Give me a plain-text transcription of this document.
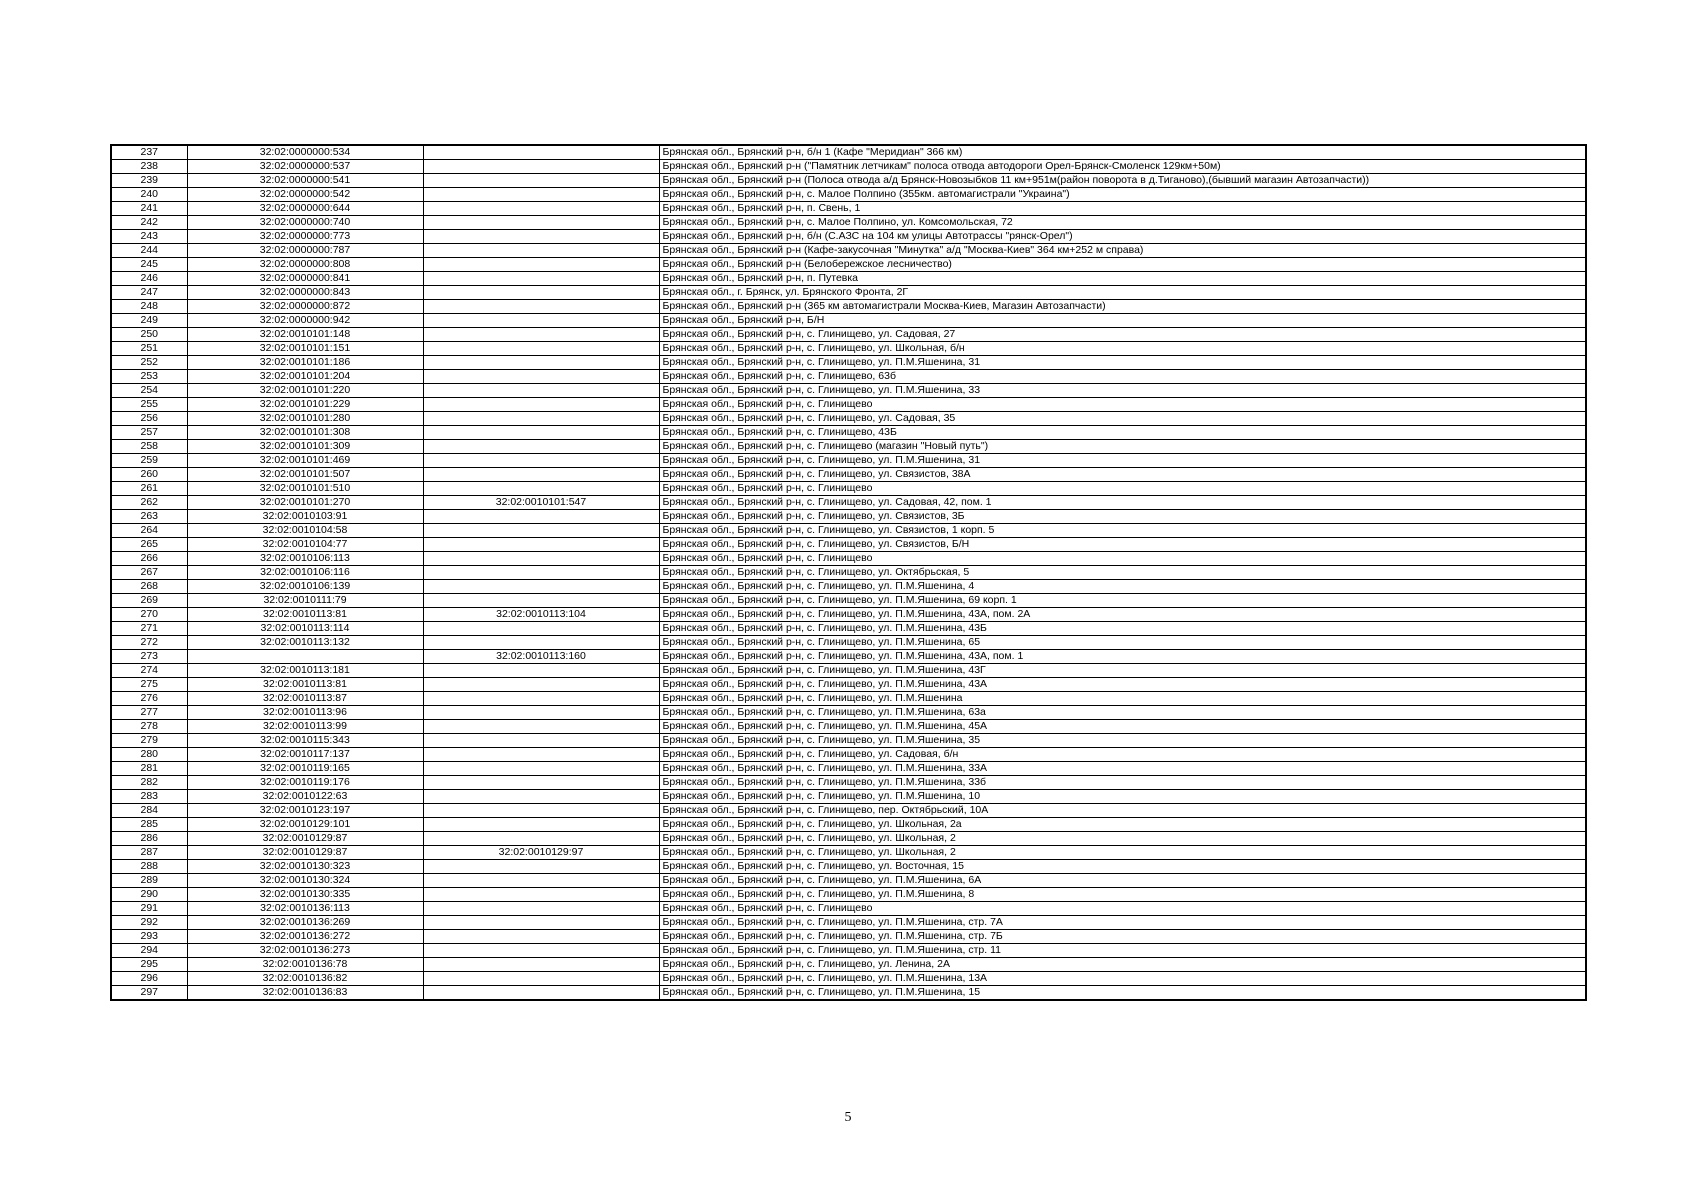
237	32:02:0000000:534		Брянская обл., Брянский р-н, б/н 1 (Кафе "Меридиан" 366 км)
238	32:02:0000000:537		Брянская обл., Брянский р-н ("Памятник летчикам" полоса отвода автодороги Орел-Брянск-Смоленск 129км+50м)
239	32:02:0000000:541		Брянская обл., Брянский р-н (Полоса отвода а/д Брянск-Новозыбков 11 км+951м(район поворота в д.Тиганово),(бывший магазин Автозапчасти))
240	32:02:0000000:542		Брянская обл., Брянский р-н, с. Малое Полпино (355км. автомагистрали "Украина")
241	32:02:0000000:644		Брянская обл., Брянский р-н, п. Свень, 1
242	32:02:0000000:740		Брянская обл., Брянский р-н, с. Малое Полпино, ул. Комсомольская, 72
243	32:02:0000000:773		Брянская обл., Брянский р-н, б/н (С.АЗС на 104 км улицы Автотрассы "рянск-Орел")
244	32:02:0000000:787		Брянская обл., Брянский р-н (Кафе-закусочная "Минутка" а/д "Москва-Киев" 364 км+252 м справа)
245	32:02:0000000:808		Брянская обл., Брянский р-н (Белобережское лесничество)
246	32:02:0000000:841		Брянская обл., Брянский р-н, п. Путевка
247	32:02:0000000:843		Брянская обл., г. Брянск, ул. Брянского Фронта, 2Г
248	32:02:0000000:872		Брянская обл., Брянский р-н (365 км автомагистрали Москва-Киев, Магазин Автозапчасти)
249	32:02:0000000:942		Брянская обл., Брянский р-н, Б/Н
250	32:02:0010101:148		Брянская обл., Брянский р-н, с. Глинищево, ул. Садовая, 27
251	32:02:0010101:151		Брянская обл., Брянский р-н, с. Глинищево, ул. Школьная, б/н
252	32:02:0010101:186		Брянская обл., Брянский р-н, с. Глинищево, ул. П.М.Яшенина, 31
253	32:02:0010101:204		Брянская обл., Брянский р-н, с. Глинищево, 63б
254	32:02:0010101:220		Брянская обл., Брянский р-н, с. Глинищево, ул. П.М.Яшенина, 33
255	32:02:0010101:229		Брянская обл., Брянский р-н, с. Глинищево
256	32:02:0010101:280		Брянская обл., Брянский р-н, с. Глинищево, ул. Садовая, 35
257	32:02:0010101:308		Брянская обл., Брянский р-н, с. Глинищево, 43Б
258	32:02:0010101:309		Брянская обл., Брянский р-н, с. Глинищево (магазин "Новый путь")
259	32:02:0010101:469		Брянская обл., Брянский р-н, с. Глинищево, ул. П.М.Яшенина, 31
260	32:02:0010101:507		Брянская обл., Брянский р-н, с. Глинищево, ул. Связистов, 38А
261	32:02:0010101:510		Брянская обл., Брянский р-н, с. Глинищево
262	32:02:0010101:270	32:02:0010101:547	Брянская обл., Брянский р-н, с. Глинищево, ул. Садовая, 42, пом. 1
263	32:02:0010103:91		Брянская обл., Брянский р-н, с. Глинищево, ул. Связистов, 3Б
264	32:02:0010104:58		Брянская обл., Брянский р-н, с. Глинищево, ул. Связистов, 1 корп. 5
265	32:02:0010104:77		Брянская обл., Брянский р-н, с. Глинищево, ул. Связистов, Б/Н
266	32:02:0010106:113		Брянская обл., Брянский р-н, с. Глинищево
267	32:02:0010106:116		Брянская обл., Брянский р-н, с. Глинищево, ул. Октябрьская, 5
268	32:02:0010106:139		Брянская обл., Брянский р-н, с. Глинищево, ул. П.М.Яшенина, 4
269	32:02:0010111:79		Брянская обл., Брянский р-н, с. Глинищево, ул. П.М.Яшенина, 69 корп. 1
270	32:02:0010113:81	32:02:0010113:104	Брянская обл., Брянский р-н, с. Глинищево, ул. П.М.Яшенина, 43А, пом. 2А
271	32:02:0010113:114		Брянская обл., Брянский р-н, с. Глинищево, ул. П.М.Яшенина, 43Б
272	32:02:0010113:132		Брянская обл., Брянский р-н, с. Глинищево, ул. П.М.Яшенина, 65
273		32:02:0010113:160	Брянская обл., Брянский р-н, с. Глинищево, ул. П.М.Яшенина, 43А, пом. 1
274	32:02:0010113:181		Брянская обл., Брянский р-н, с. Глинищево, ул. П.М.Яшенина, 43Г
275	32:02:0010113:81		Брянская обл., Брянский р-н, с. Глинищево, ул. П.М.Яшенина, 43А
276	32:02:0010113:87		Брянская обл., Брянский р-н, с. Глинищево, ул. П.М.Яшенина
277	32:02:0010113:96		Брянская обл., Брянский р-н, с. Глинищево, ул. П.М.Яшенина, 63а
278	32:02:0010113:99		Брянская обл., Брянский р-н, с. Глинищево, ул. П.М.Яшенина, 45А
279	32:02:0010115:343		Брянская обл., Брянский р-н, с. Глинищево, ул. П.М.Яшенина, 35
280	32:02:0010117:137		Брянская обл., Брянский р-н, с. Глинищево, ул. Садовая, б/н
281	32:02:0010119:165		Брянская обл., Брянский р-н, с. Глинищево, ул. П.М.Яшенина, 33А
282	32:02:0010119:176		Брянская обл., Брянский р-н, с. Глинищево, ул. П.М.Яшенина, 33б
283	32:02:0010122:63		Брянская обл., Брянский р-н, с. Глинищево, ул. П.М.Яшенина, 10
284	32:02:0010123:197		Брянская обл., Брянский р-н, с. Глинищево, пер. Октябрьский, 10А
285	32:02:0010129:101		Брянская обл., Брянский р-н, с. Глинищево, ул. Школьная, 2а
286	32:02:0010129:87		Брянская обл., Брянский р-н, с. Глинищево, ул. Школьная, 2
287	32:02:0010129:87	32:02:0010129:97	Брянская обл., Брянский р-н, с. Глинищево, ул. Школьная, 2
288	32:02:0010130:323		Брянская обл., Брянский р-н, с. Глинищево, ул. Восточная, 15
289	32:02:0010130:324		Брянская обл., Брянский р-н, с. Глинищево, ул. П.М.Яшенина, 6А
290	32:02:0010130:335		Брянская обл., Брянский р-н, с. Глинищево, ул. П.М.Яшенина, 8
291	32:02:0010136:113		Брянская обл., Брянский р-н, с. Глинищево
292	32:02:0010136:269		Брянская обл., Брянский р-н, с. Глинищево, ул. П.М.Яшенина, стр. 7А
293	32:02:0010136:272		Брянская обл., Брянский р-н, с. Глинищево, ул. П.М.Яшенина, стр. 7Б
294	32:02:0010136:273		Брянская обл., Брянский р-н, с. Глинищево, ул. П.М.Яшенина, стр. 11
295	32:02:0010136:78		Брянская обл., Брянский р-н, с. Глинищево, ул. Ленина, 2А
296	32:02:0010136:82		Брянская обл., Брянский р-н, с. Глинищево, ул. П.М.Яшенина, 13А
297	32:02:0010136:83		Брянская обл., Брянский р-н, с. Глинищево, ул. П.М.Яшенина, 15
5
